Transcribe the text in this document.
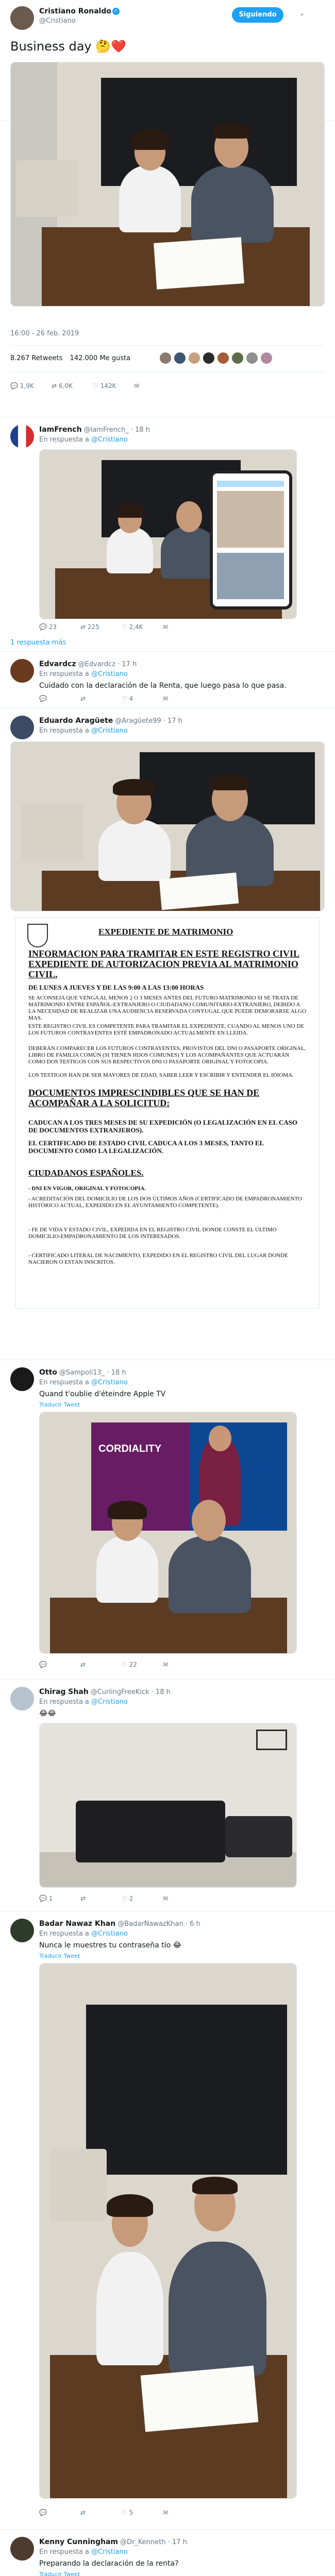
Cristiano Ronaldo ✓
@Cristiano
Siguiendo	⌄
Business day 🤔❤️
16:00 - 26 feb. 2019
8.267 Retweets 142.000 Me gusta
💬 1,9K	⇄ 6,0K	♡ 142K	✉
IamFrench @IamFrench_ · 18 h
En respuesta a @Cristiano
💬 23	⇄ 225	♡ 2,4K	✉
1 respuesta más
Edvardcz @Edvardcz · 17 h
En respuesta a @Cristiano
Cuidado con la declaración de la Renta, que luego pasa lo que pasa.
💬	⇄	♡ 4	✉
Eduardo Aragüete @Aragüete99 · 17 h
En respuesta a @Cristiano
EXPEDIENTE DE MATRIMONIO
INFORMACION PARA TRAMITAR EN ESTE REGISTRO CIVIL EXPEDIENTE DE AUTORIZACION PREVIA AL MATRIMONIO CIVIL.
DE LUNES A JUEVES Y DE LAS 9:00 A LAS 13:00 HORAS
SE ACONSEJA QUE VENGA AL MENOS 2 O 3 MESES ANTES DEL FUTURO MATRIMONIO SI SE TRATA DE MATRIMONIO ENTRE ESPAÑOL-EXTRANJERO O CIUDADANO COMUNITARIO-EXTRANJERO, DEBIDO A LA NECESIDAD DE REALIZAR UNA AUDIENCIA RESERVADA CONYUGAL QUE PUEDE DEMORARSE ALGO MAS.
ESTE REGISTRO CIVIL ES COMPETENTE PARA TRAMITAR EL EXPEDIENTE, CUANDO AL MENOS UNO DE LOS FUTUROS CONTRAYENTES ESTÉ EMPADRONADO ACTUALMENTE EN LLEIDA.
DEBERÁN COMPARECER LOS FUTUROS CONTRAYENTES, PROVISTOS DEL DNI O PASAPORTE ORIGINAL, LIBRO DE FAMILIA COMÚN (SI TIENEN HIJOS COMUNES) Y LOS ACOMPAÑANTES QUE ACTUARÁN COMO DOS TESTIGOS CON SUS RESPECTIVOS DNI O PASAPORTE ORIGINAL Y FOTOCOPIA.
LOS TESTIGOS HAN DE SER MAYORES DE EDAD, SABER LEER Y ESCRIBIR Y ENTENDER EL IDIOMA.
DOCUMENTOS IMPRESCINDIBLES QUE SE HAN DE ACOMPAÑAR A LA SOLICITUD:
CADUCAN A LOS TRES MESES DE SU EXPEDICIÓN (O LEGALIZACIÓN EN EL CASO DE DOCUMENTOS EXTRANJEROS).
EL CERTIFICADO DE ESTADO CIVIL CADUCA A LOS 3 MESES, TANTO EL DOCUMENTO COMO LA LEGALIZACIÓN.
CIUDADANOS ESPAÑOLES.
- DNI EN VIGOR, ORIGINAL Y FOTOCOPIA.
- ACREDITACIÓN DEL DOMICILIO DE LOS DOS ÚLTIMOS AÑOS (CERTIFICADO DE EMPADRONAMIENTO HISTÓRICO ACTUAL, EXPEDIDO EN EL AYUNTAMIENTO COMPETENTE).
- FE DE VIDA Y ESTADO CIVIL, EXPEDIDA EN EL REGISTRO CIVIL DONDE CONSTE EL ÚLTIMO DOMICILIO-EMPADRONAMIENTO DE LOS INTERESADOS.
- CERTIFICADO LITERAL DE NACIMIENTO, EXPEDIDO EN EL REGISTRO CIVIL DEL LUGAR DONDE NACIERON O ESTÁN INSCRITOS.
Otto @Sampoli13_ · 18 h
En respuesta a @Cristiano
Quand t'oublie d'éteindre Apple TV
Traducir Tweet
CORDIALITY
💬	⇄	♡ 22	✉
Chirag Shah @CurlingFreeKick · 18 h
En respuesta a @Cristiano
😂😂
💬 1	⇄	♡ 2	✉
Badar Nawaz Khan @BadarNawazKhan · 6 h
En respuesta a @Cristiano
Nunca le muestres tu contraseña tío 😂
Traducir Tweet
💬	⇄	♡ 5	✉
Kenny Cunningham @Dr_Kenneth · 17 h
En respuesta a @Cristiano
Preparando la declaración de la renta?
Traducir Tweet
